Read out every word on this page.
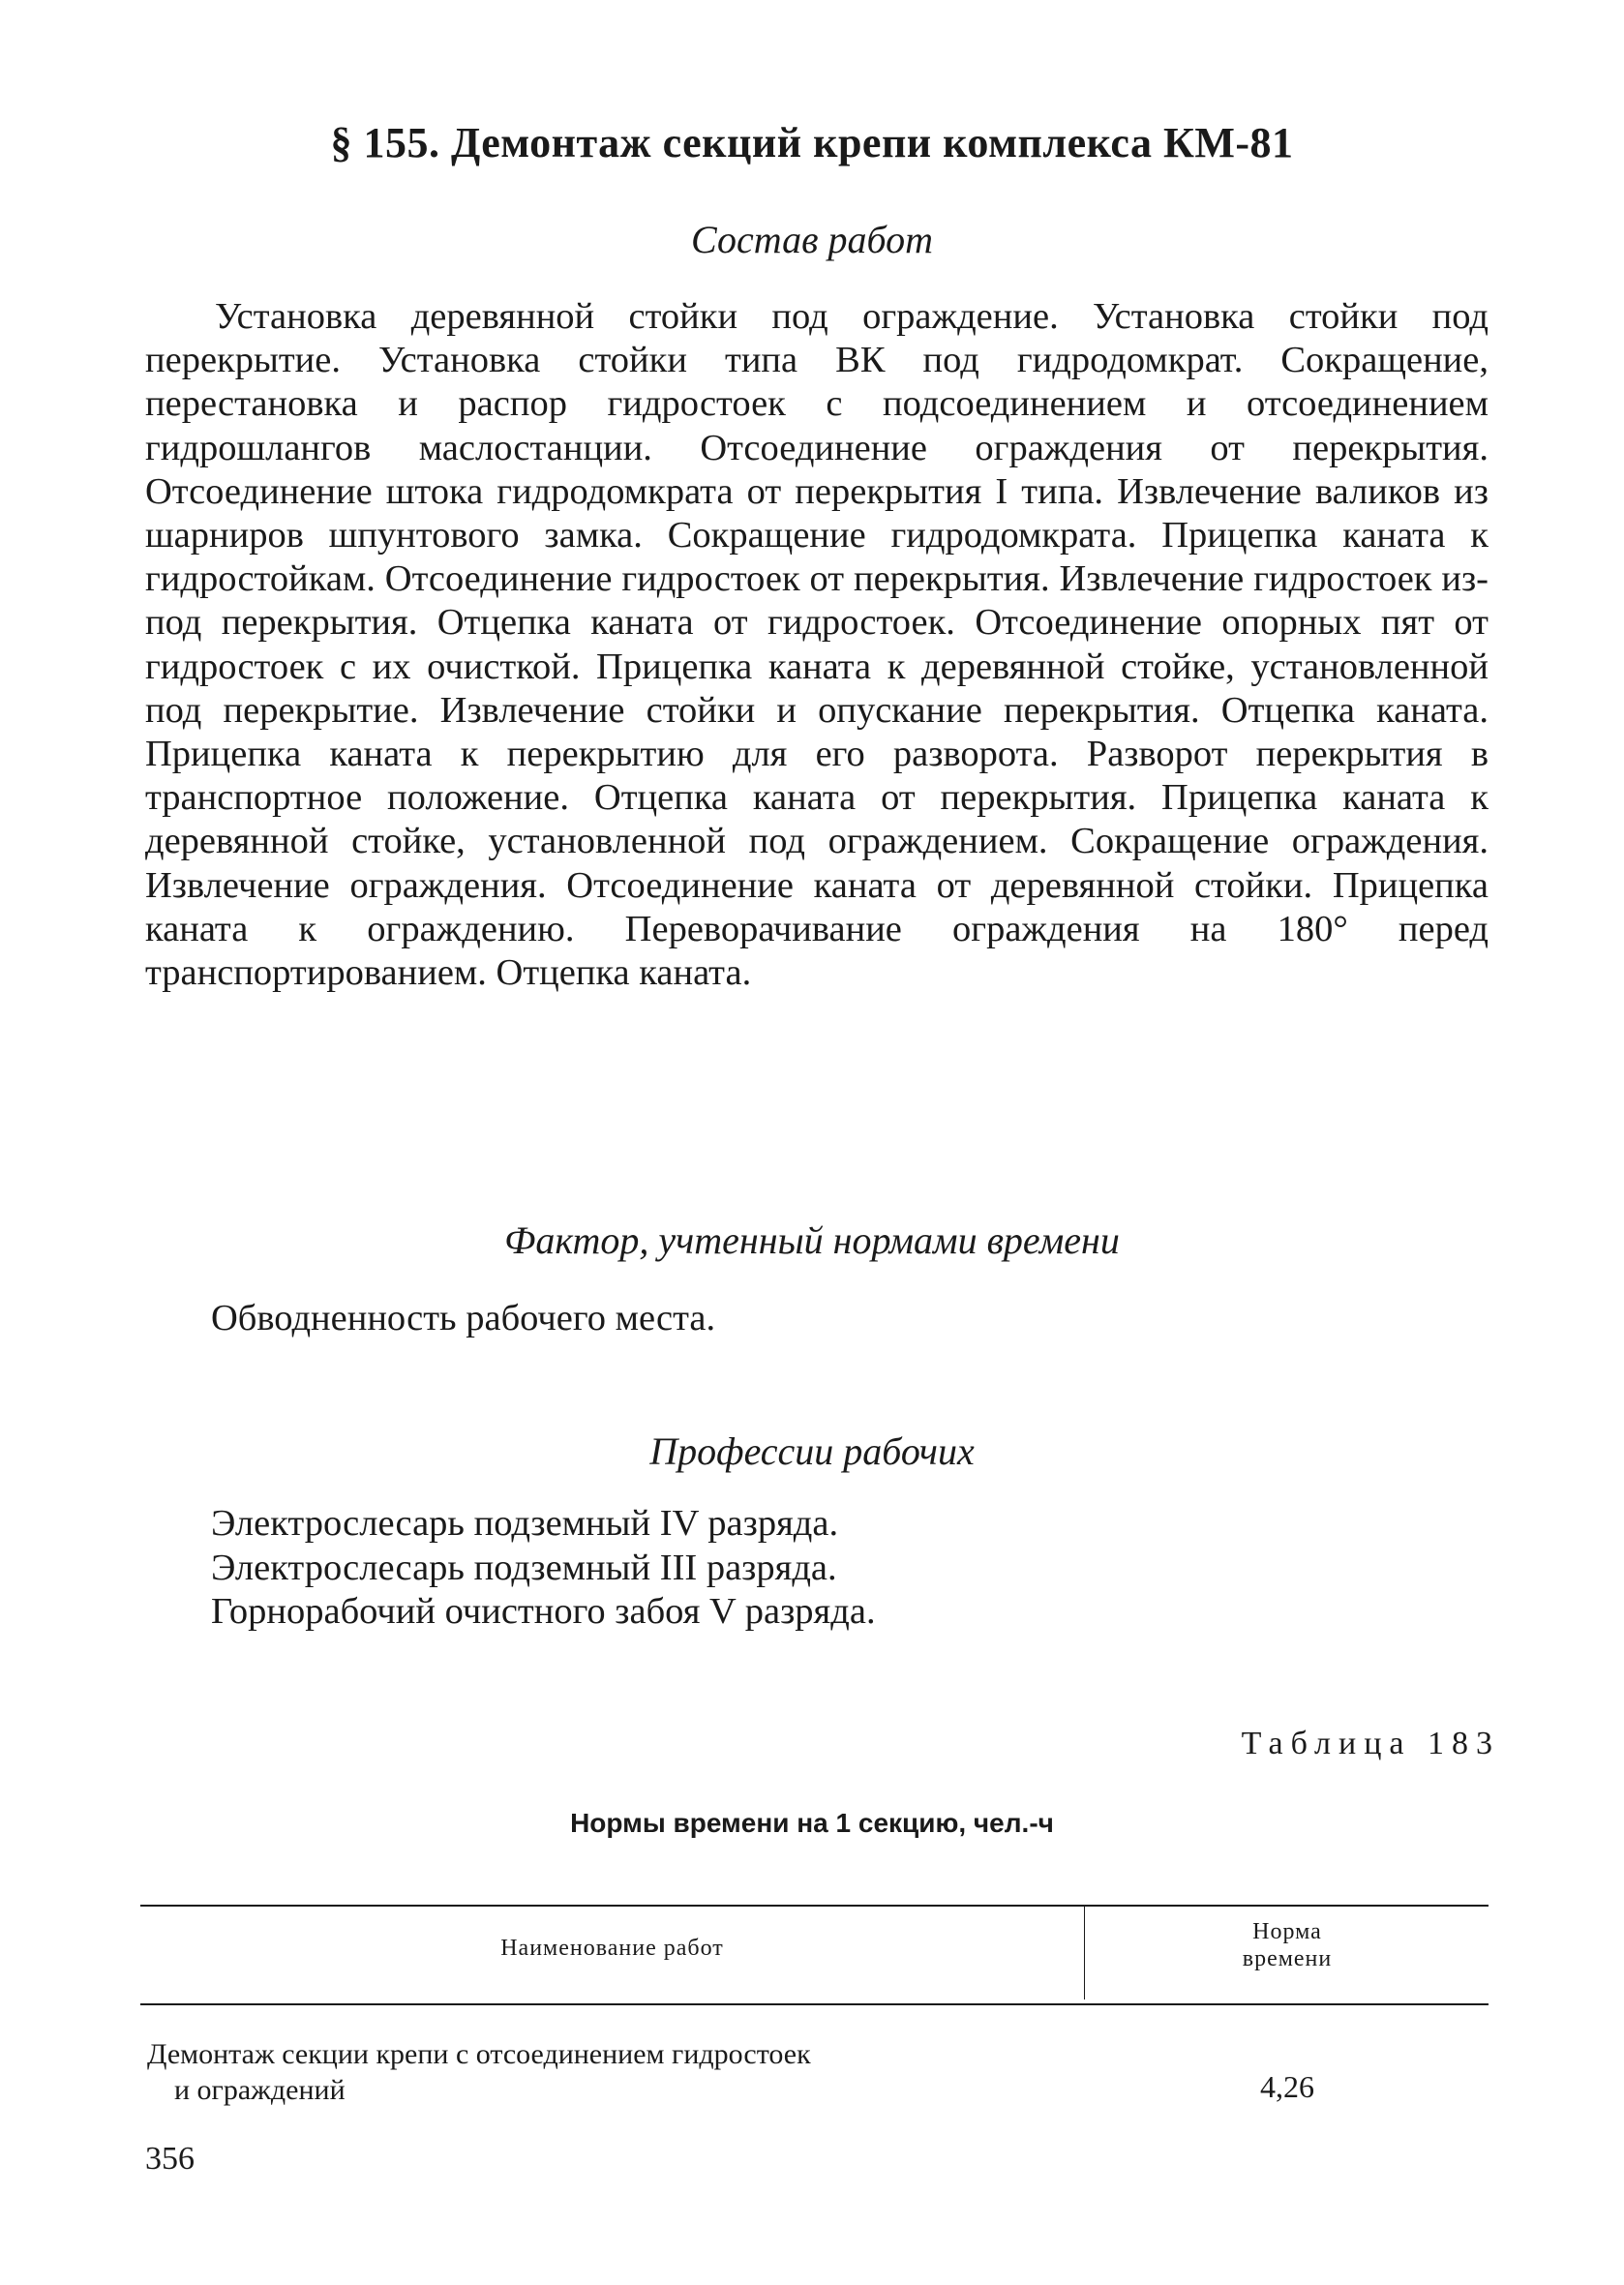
§ 155. Демонтаж секций крепи комплекса КМ-81
Состав работ

Установка деревянной стойки под ограждение. Установка стойки под перекрытие. Установка стойки типа ВК под гидродомкрат. Сокращение, перестановка и распор гидростоек с подсоединением и отсоединением гидрошлангов маслостанции. Отсоединение ограждения от перекрытия. Отсоединение штока гидродомкрата от перекрытия I типа. Извлечение валиков из шарниров шпунтового замка. Сокращение гидродомкрата. Прицепка каната к гидростойкам. Отсоединение гидростоек от перекрытия. Извлечение гидростоек из-под перекрытия. Отцепка каната от гидростоек. Отсоединение опорных пят от гидростоек с их очисткой. Прицепка каната к деревянной стойке, установленной под перекрытие. Извлечение стойки и опускание перекрытия. Отцепка каната. Прицепка каната к перекрытию для его разворота. Разворот перекрытия в транспортное положение. Отцепка каната от перекрытия. Прицепка каната к деревянной стойке, установленной под ограждением. Сокращение ограждения. Извлечение ограждения. Отсоединение каната от деревянной стойки. Прицепка каната к ограждению. Переворачивание ограждения на 180° перед транспортированием. Отцепка каната.

Фактор, учтенный нормами времени
Обводненность рабочего места.
Профессии рабочих
Электрослесарь подземный IV разряда.
Электрослесарь подземный III разряда.
Горнорабочий очистного забоя V разряда.
Таблица 183
Нормы времени на 1 секцию, чел.-ч
Наименование работ
Норма
времени
Демонтаж секции крепи с отсоединением гидростоек
и ограждений	4,26
356
